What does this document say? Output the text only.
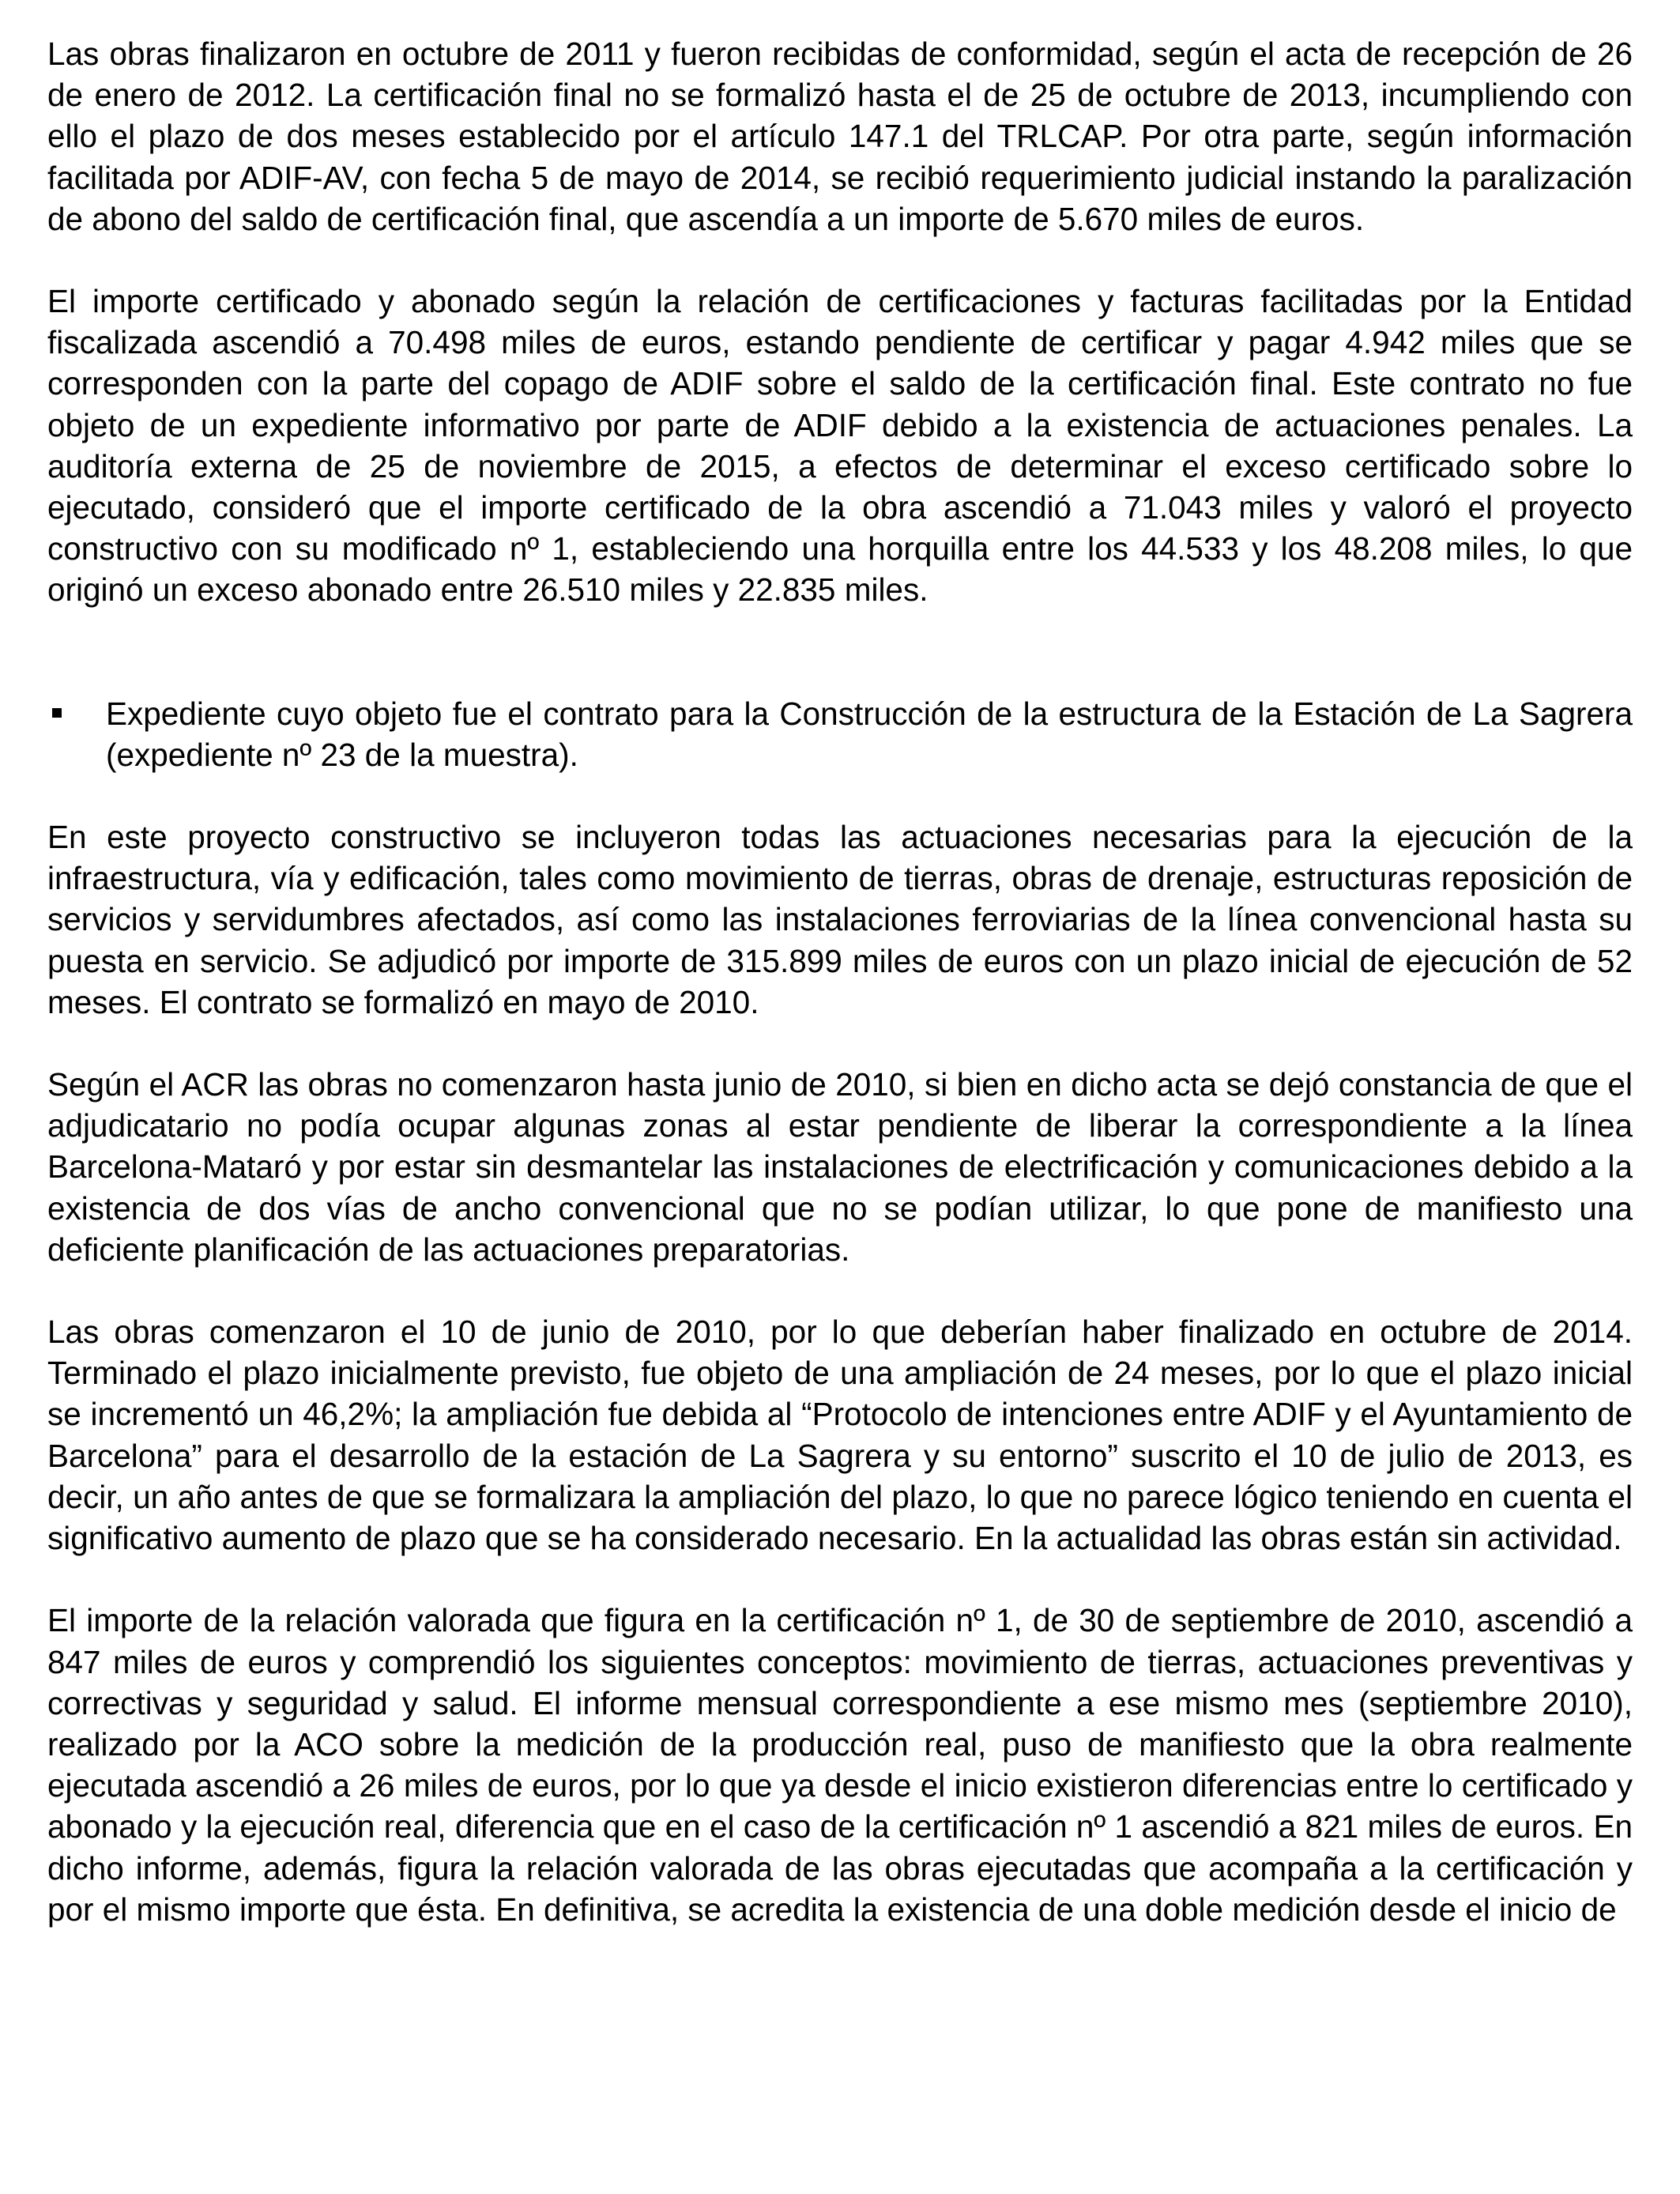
Las obras finalizaron en octubre de 2011 y fueron recibidas de conformidad, según el acta de recepción de 26 de enero de 2012. La certificación final no se formalizó hasta el de 25 de octubre de 2013, incumpliendo con ello el plazo de dos meses establecido por el artículo 147.1 del TRLCAP. Por otra parte, según información facilitada por ADIF-AV, con fecha 5 de mayo de 2014, se recibió requerimiento judicial instando la paralización de abono del saldo de certificación final, que ascendía a un importe de 5.670 miles de euros.

El importe certificado y abonado según la relación de certificaciones y facturas facilitadas por la Entidad fiscalizada ascendió a 70.498 miles de euros, estando pendiente de certificar y pagar 4.942 miles que se corresponden con la parte del copago de ADIF sobre el saldo de la certificación final. Este contrato no fue objeto de un expediente informativo por parte de ADIF debido a la existencia de actuaciones penales. La auditoría externa de 25 de noviembre de 2015, a efectos de determinar el exceso certificado sobre lo ejecutado, consideró que el importe certificado de la obra ascendió a 71.043 miles y valoró el proyecto constructivo con su modificado nº 1, estableciendo una horquilla entre los 44.533 y los 48.208 miles, lo que originó un exceso abonado entre 26.510 miles y 22.835 miles.

Expediente cuyo objeto fue el contrato para la Construcción de la estructura de la Estación de La Sagrera (expediente nº 23 de la muestra).

En este proyecto constructivo se incluyeron todas las actuaciones necesarias para la ejecución de la infraestructura, vía y edificación, tales como movimiento de tierras, obras de drenaje, estructuras reposición de servicios y servidumbres afectados, así como las instalaciones ferroviarias de la línea convencional hasta su puesta en servicio. Se adjudicó por importe de 315.899 miles de euros con un plazo inicial de ejecución de 52 meses. El contrato se formalizó en mayo de 2010.

Según el ACR las obras no comenzaron hasta junio de 2010, si bien en dicho acta se dejó constancia de que el adjudicatario no podía ocupar algunas zonas al estar pendiente de liberar la correspondiente a la línea Barcelona-Mataró y por estar sin desmantelar las instalaciones de electrificación y comunicaciones debido a la existencia de dos vías de ancho convencional que no se podían utilizar, lo que pone de manifiesto una deficiente planificación de las actuaciones preparatorias.

Las obras comenzaron el 10 de junio de 2010, por lo que deberían haber finalizado en octubre de 2014. Terminado el plazo inicialmente previsto, fue objeto de una ampliación de 24 meses, por lo que el plazo inicial se incrementó un 46,2%; la ampliación fue debida al “Protocolo de intenciones entre ADIF y el Ayuntamiento de Barcelona” para el desarrollo de la estación de La Sagrera y su entorno” suscrito el 10 de julio de 2013, es decir, un año antes de que se formalizara la ampliación del plazo, lo que no parece lógico teniendo en cuenta el significativo aumento de plazo que se ha considerado necesario. En la actualidad las obras están sin actividad.

El importe de la relación valorada que figura en la certificación nº 1, de 30 de septiembre de 2010, ascendió a 847 miles de euros y comprendió los siguientes conceptos: movimiento de tierras, actuaciones preventivas y correctivas y seguridad y salud. El informe mensual correspondiente a ese mismo mes (septiembre 2010), realizado por la ACO sobre la medición de la producción real, puso de manifiesto que la obra realmente ejecutada ascendió a 26 miles de euros, por lo que ya desde el inicio existieron diferencias entre lo certificado y abonado y la ejecución real, diferencia que en el caso de la certificación nº 1 ascendió a 821 miles de euros. En dicho informe, además, figura la relación valorada de las obras ejecutadas que acompaña a la certificación y por el mismo importe que ésta. En definitiva, se acredita la existencia de una doble medición desde el inicio de
